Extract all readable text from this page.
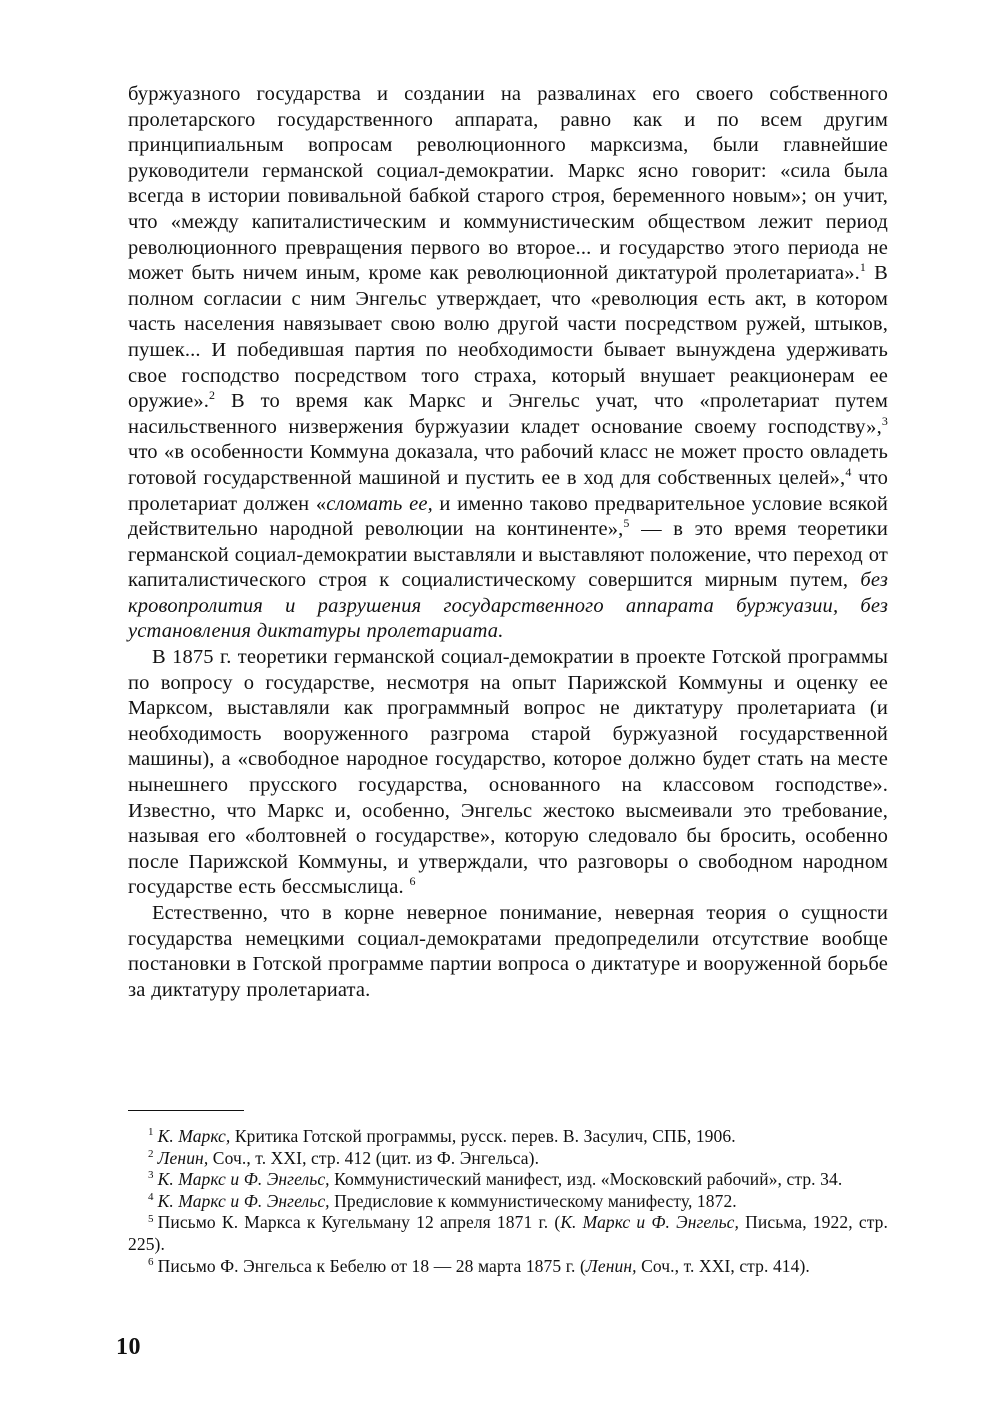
буржуазного государства и создании на развалинах его своего собственного пролетарского государственного аппарата, равно как и по всем другим принципиальным вопросам революционного марксизма, были главнейшие руководители германской социал-демократии. Маркс ясно говорит: «сила была всегда в истории повивальной бабкой старого строя, беременного новым»; он учит, что «между капиталистическим и коммунистическим обществом лежит период революционного превращения первого во второе... и государство этого периода не может быть ничем иным, кроме как революционной диктатурой пролетариата».$^1$ В полном согласии с ним Энгельс утверждает, что «революция есть акт, в котором часть населения навязывает свою волю другой части посредством ружей, штыков, пушек... И победившая партия по необходимости бывает вынуждена удерживать свое господство посредством того страха, который внушает реакционерам ее оружие».$^2$ В то время как Маркс и Энгельс учат, что «пролетариат путем насильственного низвержения буржуазии кладет основание своему господству»,$^3$ что «в особенности Коммуна доказала, что рабочий класс не может просто овладеть готовой государственной машиной и пустить ее в ход для собственных целей»,$^4$ что пролетариат должен «сломать ее, и именно таково предварительное условие всякой действительно народной революции на континенте»,$^5$ — в это время теоретики германской социал-демократии выставляли и выставляют положение, что переход от капиталистического строя к социалистическому совершится мирным путем, без кровопролития и разрушения государственного аппарата буржуазии, без установления диктатуры пролетариата.

В 1875 г. теоретики германской социал-демократии в проекте Готской программы по вопросу о государстве, несмотря на опыт Парижской Коммуны и оценку ее Марксом, выставляли как программный вопрос не диктатуру пролетариата (и необходимость вооруженного разгрома старой буржуазной государственной машины), а «свободное народное государство, которое должно будет стать на месте нынешнего прусского государства, основанного на классовом господстве». Известно, что Маркс и, особенно, Энгельс жестоко высмеивали это требование, называя его «болтовней о государстве», которую следовало бы бросить, особенно после Парижской Коммуны, и утверждали, что разговоры о свободном народном государстве есть бессмыслица. $^6$

Естественно, что в корне неверное понимание, неверная теория о сущности государства немецкими социал-демократами предопределили отсутствие вообще постановки в Готской программе партии вопроса о диктатуре и вооруженной борьбе за диктатуру пролетариата.

$^1$ К. Маркс, Критика Готской программы, русск. перев. В. Засулич, СПБ, 1906.

$^2$ Ленин, Соч., т. XXI, стр. 412 (цит. из Ф. Энгельса).

$^3$ К. Маркс и Ф. Энгельс, Коммунистический манифест, изд. «Московский рабочий», стр. 34.

$^4$ К. Маркс и Ф. Энгельс, Предисловие к коммунистическому манифесту, 1872.

$^5$ Письмо К. Маркса к Кугельману 12 апреля 1871 г. (К. Маркс и Ф. Энгельс, Письма, 1922, стр. 225).

$^6$ Письмо Ф. Энгельса к Бебелю от 18 — 28 марта 1875 г. (Ленин, Соч., т. XXI, стр. 414).

10
